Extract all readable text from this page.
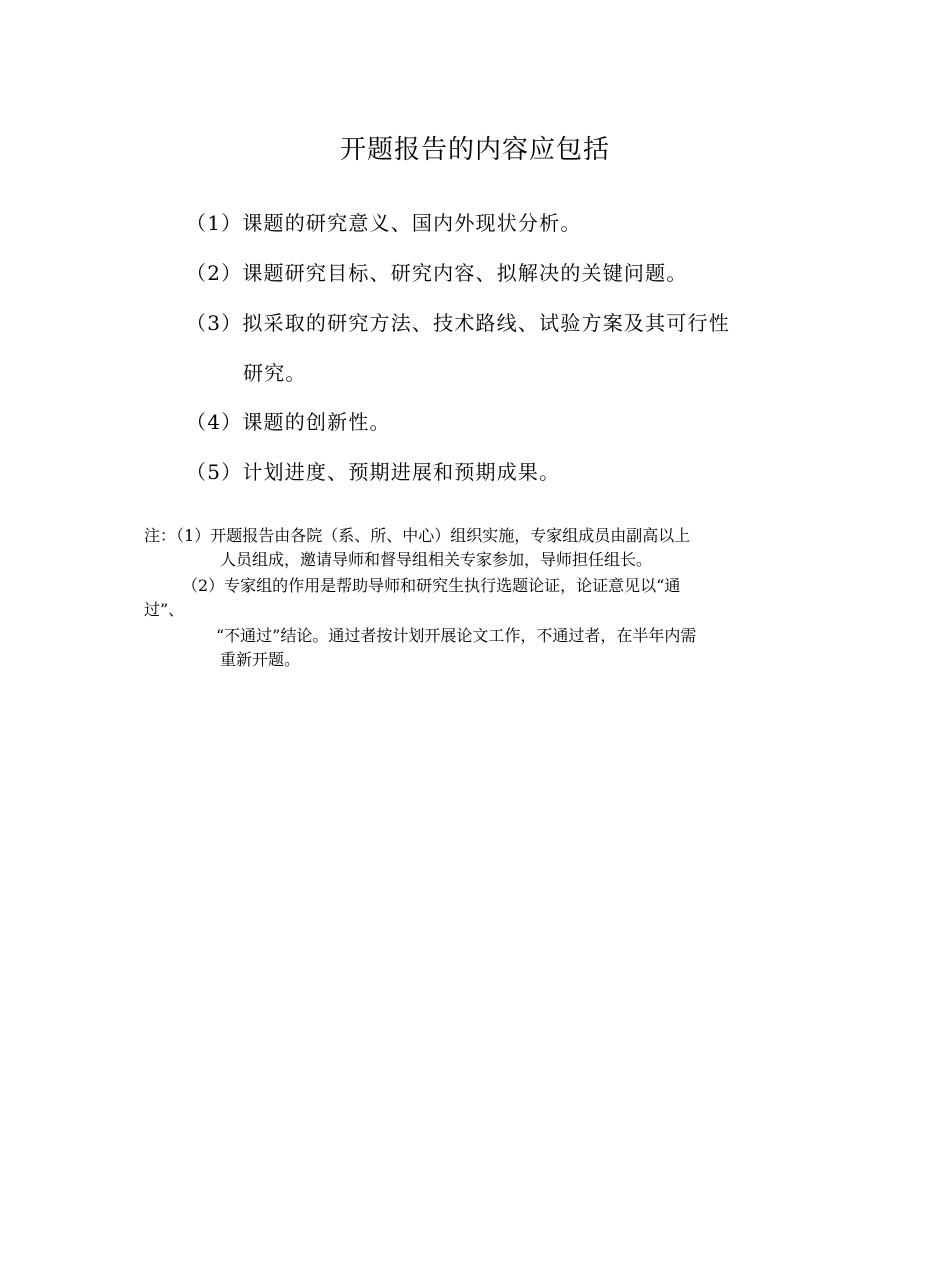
开题报告的内容应包括
（1）课题的研究意义、国内外现状分析。
（2）课题研究目标、研究内容、拟解决的关键问题。
（3）拟采取的研究方法、技术路线、试验方案及其可行性
研究。
（4）课题的创新性。
（5）计划进度、预期进展和预期成果。
注：（1）开题报告由各院（系、所、中心）组织实施，专家组成员由副高以上
人员组成，邀请导师和督导组相关专家参加，导师担任组长。
（2）专家组的作用是帮助导师和研究生执行选题论证，论证意见以“通
过”、
“不通过”结论。通过者按计划开展论文工作，不通过者，在半年内需
重新开题。
